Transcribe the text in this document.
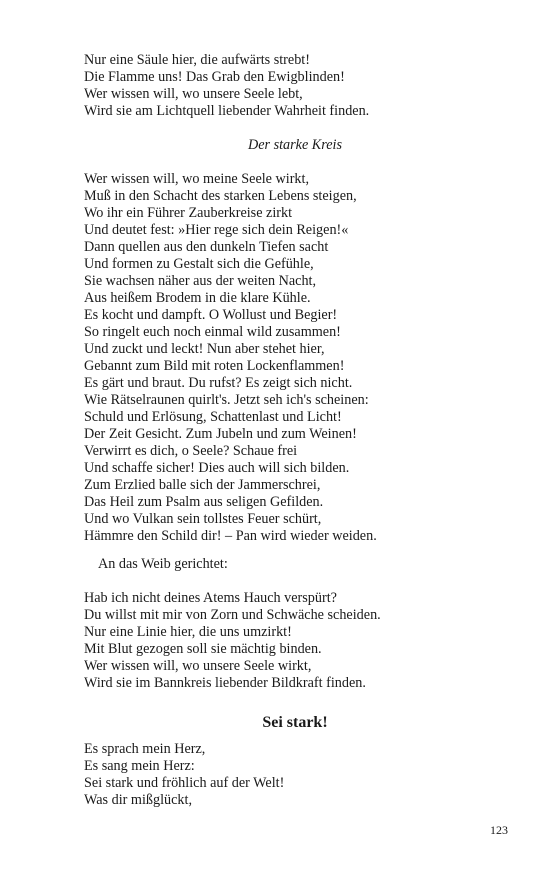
Nur eine Säule hier, die aufwärts strebt!
Die Flamme uns! Das Grab den Ewigblinden!
Wer wissen will, wo unsere Seele lebt,
Wird sie am Lichtquell liebender Wahrheit finden.
Der starke Kreis
Wer wissen will, wo meine Seele wirkt,
Muß in den Schacht des starken Lebens steigen,
Wo ihr ein Führer Zauberkreise zirkt
Und deutet fest: »Hier rege sich dein Reigen!«
Dann quellen aus den dunkeln Tiefen sacht
Und formen zu Gestalt sich die Gefühle,
Sie wachsen näher aus der weiten Nacht,
Aus heißem Brodem in die klare Kühle.
Es kocht und dampft. O Wollust und Begier!
So ringelt euch noch einmal wild zusammen!
Und zuckt und leckt! Nun aber stehet hier,
Gebannt zum Bild mit roten Lockenflammen!
Es gärt und braut. Du rufst? Es zeigt sich nicht.
Wie Rätselraunen quirlt's. Jetzt seh ich's scheinen:
Schuld und Erlösung, Schattenlast und Licht!
Der Zeit Gesicht. Zum Jubeln und zum Weinen!
Verwirrt es dich, o Seele? Schaue frei
Und schaffe sicher! Dies auch will sich bilden.
Zum Erzlied balle sich der Jammerschrei,
Das Heil zum Psalm aus seligen Gefilden.
Und wo Vulkan sein tollstes Feuer schürt,
Hämmre den Schild dir! – Pan wird wieder weiden.
An das Weib gerichtet:
Hab ich nicht deines Atems Hauch verspürt?
Du willst mit mir von Zorn und Schwäche scheiden.
Nur eine Linie hier, die uns umzirkt!
Mit Blut gezogen soll sie mächtig binden.
Wer wissen will, wo unsere Seele wirkt,
Wird sie im Bannkreis liebender Bildkraft finden.
Sei stark!
Es sprach mein Herz,
Es sang mein Herz:
Sei stark und fröhlich auf der Welt!
Was dir mißglückt,
123
